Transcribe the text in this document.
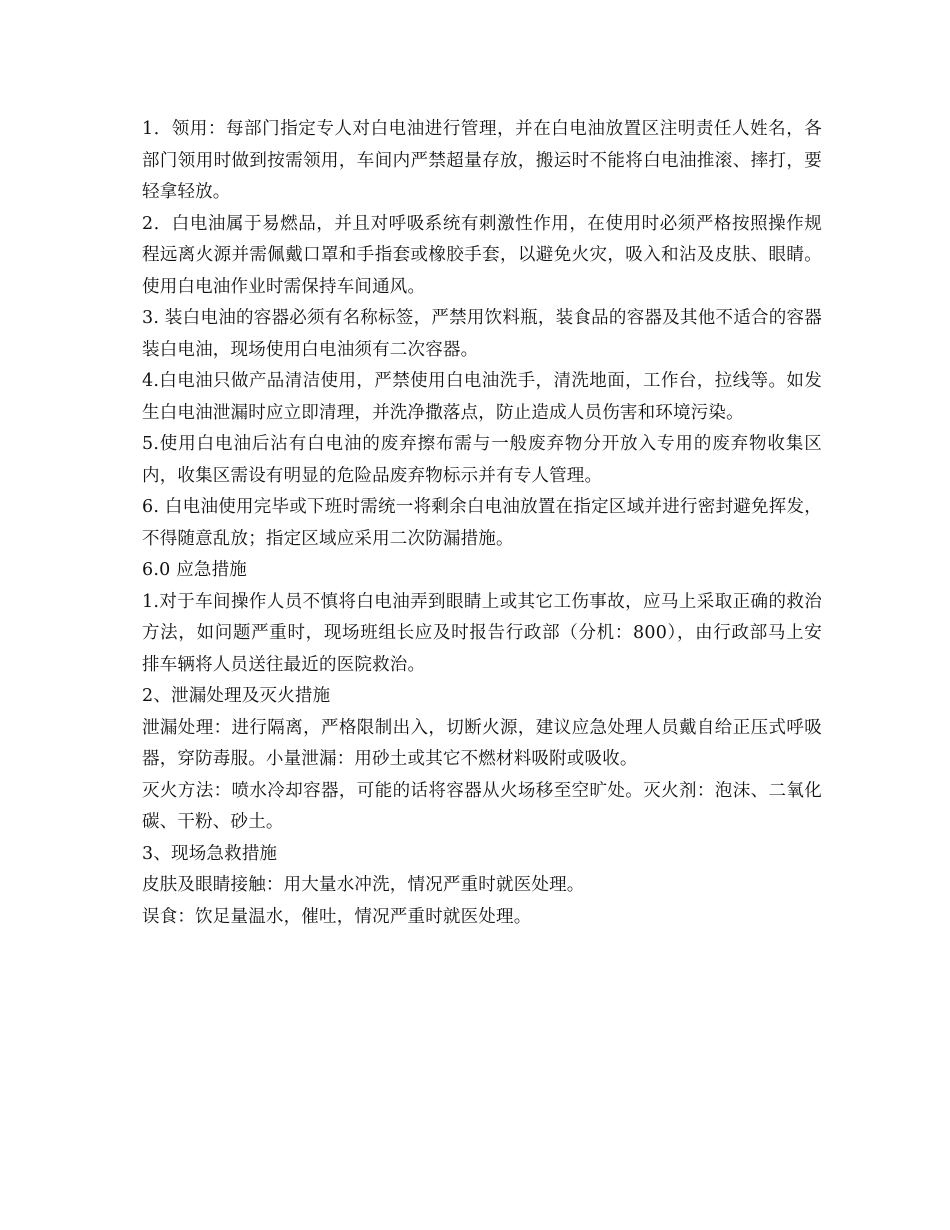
1．领用：每部门指定专人对白电油进行管理，并在白电油放置区注明责任人姓名，各部门领用时做到按需领用，车间内严禁超量存放，搬运时不能将白电油推滚、摔打，要轻拿轻放。

2．白电油属于易燃品，并且对呼吸系统有刺激性作用，在使用时必须严格按照操作规程远离火源并需佩戴口罩和手指套或橡胶手套，以避免火灾，吸入和沾及皮肤、眼睛。使用白电油作业时需保持车间通风。

3. 装白电油的容器必须有名称标签，严禁用饮料瓶，装食品的容器及其他不适合的容器装白电油，现场使用白电油须有二次容器。

4.白电油只做产品清洁使用，严禁使用白电油洗手，清洗地面，工作台，拉线等。如发生白电油泄漏时应立即清理，并洗净撒落点，防止造成人员伤害和环境污染。

5.使用白电油后沾有白电油的废弃擦布需与一般废弃物分开放入专用的废弃物收集区内，收集区需设有明显的危险品废弃物标示并有专人管理。

6. 白电油使用完毕或下班时需统一将剩余白电油放置在指定区域并进行密封避免挥发，不得随意乱放；指定区域应采用二次防漏措施。

6.0 应急措施

1.对于车间操作人员不慎将白电油弄到眼睛上或其它工伤事故，应马上采取正确的救治方法，如问题严重时，现场班组长应及时报告行政部（分机：800），由行政部马上安排车辆将人员送往最近的医院救治。

2、泄漏处理及灭火措施

泄漏处理：进行隔离，严格限制出入，切断火源，建议应急处理人员戴自给正压式呼吸器，穿防毒服。小量泄漏：用砂土或其它不燃材料吸附或吸收。

灭火方法：喷水冷却容器，可能的话将容器从火场移至空旷处。灭火剂：泡沫、二氧化碳、干粉、砂土。

3、现场急救措施

皮肤及眼睛接触：用大量水冲洗，情况严重时就医处理。

误食：饮足量温水，催吐，情况严重时就医处理。
